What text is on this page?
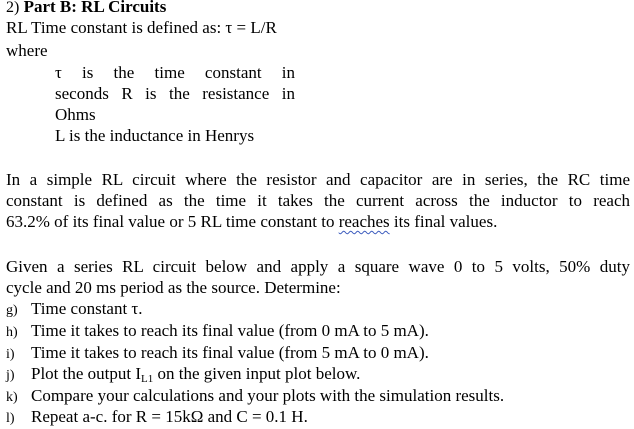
2) Part B: RL Circuits
RL Time constant is defined as: τ = L/R
where
τ is the time constant in
seconds R is the resistance in
Ohms
L is the inductance in Henrys
In a simple RL circuit where the resistor and capacitor are in series, the RC time
constant is defined as the time it takes the current across the inductor to reach
63.2% of its final value or 5 RL time constant to reaches its final values.
Given a series RL circuit below and apply a square wave 0 to 5 volts, 50% duty
cycle and 20 ms period as the source. Determine:
g) Time constant τ.
h) Time it takes to reach its final value (from 0 mA to 5 mA).
i) Time it takes to reach its final value (from 5 mA to 0 mA).
j) Plot the output $I_{L1}$ on the given input plot below.
k) Compare your calculations and your plots with the simulation results.
l) Repeat a-c. for R = 15kΩ and C = 0.1 H.
